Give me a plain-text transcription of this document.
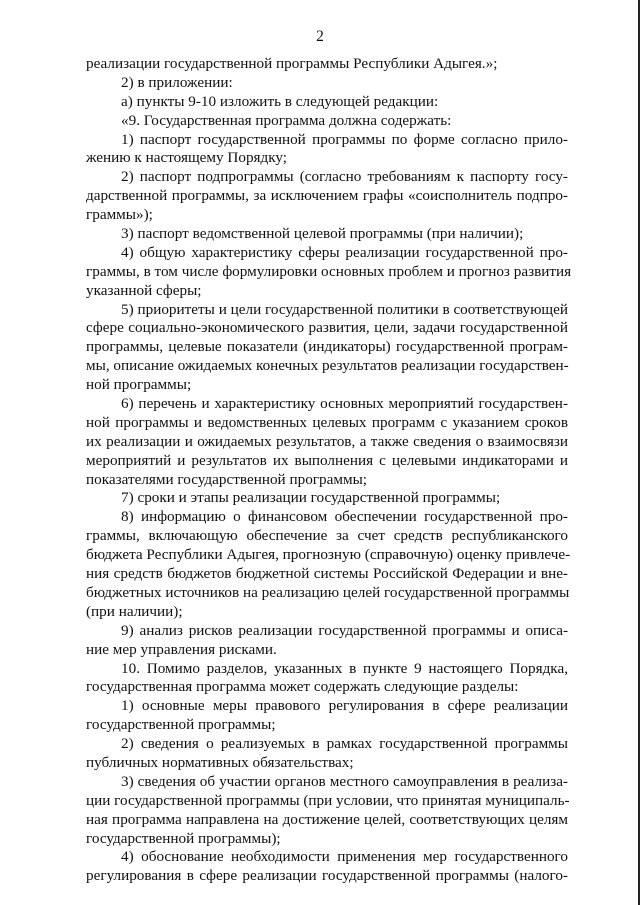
2
реализации государственной программы Республики Адыгея.»;
2) в приложении:
а) пункты 9-10 изложить в следующей редакции:
«9. Государственная программа должна содержать:
1) паспорт государственной программы по форме согласно прило-
жению к настоящему Порядку;
2) паспорт подпрограммы (согласно требованиям к паспорту госу-
дарственной программы, за исключением графы «соисполнитель подпро-
граммы»);
3) паспорт ведомственной целевой программы (при наличии);
4) общую характеристику сферы реализации государственной про-
граммы, в том числе формулировки основных проблем и прогноз развития
указанной сферы;
5) приоритеты и цели государственной политики в соответствующей
сфере социально-экономического развития, цели, задачи государственной
программы, целевые показатели (индикаторы) государственной програм-
мы, описание ожидаемых конечных результатов реализации государствен-
ной программы;
6) перечень и характеристику основных мероприятий государствен-
ной программы и ведомственных целевых программ с указанием сроков
их реализации и ожидаемых результатов, а также сведения о взаимосвязи
мероприятий и результатов их выполнения с целевыми индикаторами и
показателями государственной программы;
7) сроки и этапы реализации государственной программы;
8) информацию о финансовом обеспечении государственной про-
граммы, включающую обеспечение за счет средств республиканского
бюджета Республики Адыгея, прогнозную (справочную) оценку привлече-
ния средств бюджетов бюджетной системы Российской Федерации и вне-
бюджетных источников на реализацию целей государственной программы
(при наличии);
9) анализ рисков реализации государственной программы и описа-
ние мер управления рисками.
10. Помимо разделов, указанных в пункте 9 настоящего Порядка,
государственная программа может содержать следующие разделы:
1) основные меры правового регулирования в сфере реализации
государственной программы;
2) сведения о реализуемых в рамках государственной программы
публичных нормативных обязательствах;
3) сведения об участии органов местного самоуправления в реализа-
ции государственной программы (при условии, что принятая муниципаль-
ная программа направлена на достижение целей, соответствующих целям
государственной программы);
4) обоснование необходимости применения мер государственного
регулирования в сфере реализации государственной программы (налого-
